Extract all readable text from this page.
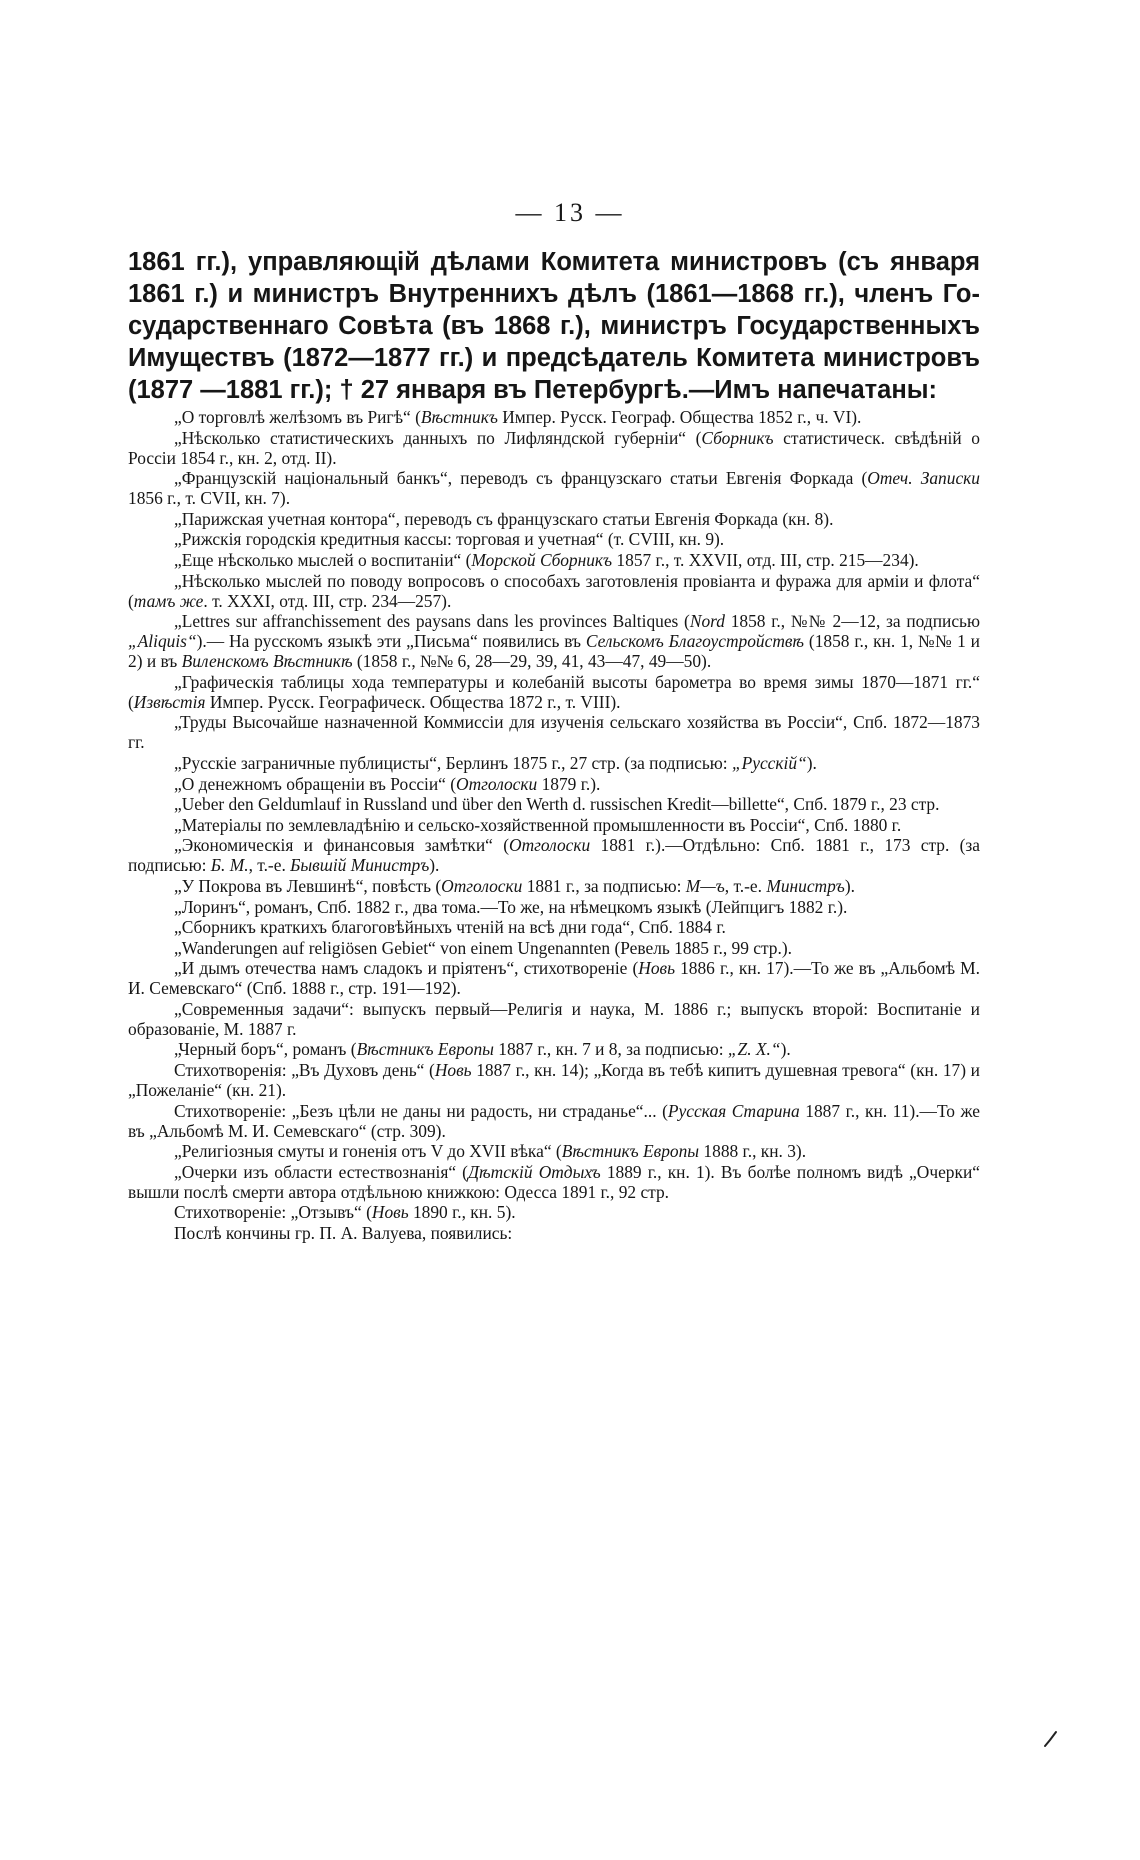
— 13 —
1861 гг.), управляющій дѣлами Комитета министровъ (съ января
1861 г.) и министръ Внутреннихъ дѣлъ (1861—1868 гг.), членъ Го-
сударственнаго Совѣта (въ 1868 г.), министръ Государственныхъ
Имуществъ (1872—1877 гг.) и предсѣдатель Комитета министровъ
(1877 —1881 гг.); † 27 января въ Петербургѣ.—Имъ напечатаны:

„О торговлѣ желѣзомъ въ Ригѣ“ (Вѣстникъ Импер. Русск. Географ. Общества 1852 г., ч. VI).

„Нѣсколько статистическихъ данныхъ по Лифляндской губерніи“ (Сборникъ статистическ. свѣдѣній о Россіи 1854 г., кн. 2, отд. II).

„Французскій національный банкъ“, переводъ съ французскаго статьи Евгенія Форкада (Отеч. Записки 1856 г., т. CVII, кн. 7).

„Парижская учетная контора“, переводъ съ французскаго статьи Евгенія Форкада (кн. 8).

„Рижскія городскія кредитныя кассы: торговая и учетная“ (т. CVIII, кн. 9).

„Еще нѣсколько мыслей о воспитаніи“ (Морской Сборникъ 1857 г., т. XXVII, отд. III, стр. 215—234).

„Нѣсколько мыслей по поводу вопросовъ о способахъ заготовленія провіанта и фуража для арміи и флота“ (тамъ же. т. XXXI, отд. III, стр. 234—257).

„Lettres sur affranchissement des paysans dans les provinces Baltiques (Nord 1858 г., №№ 2—12, за подписью „Aliquis“).— На русскомъ языкѣ эти „Письма“ появились въ Сельскомъ Благоустройствѣ (1858 г., кн. 1, №№ 1 и 2) и въ Виленскомъ Вѣстникѣ (1858 г., №№ 6, 28—29, 39, 41, 43—47, 49—50).

„Графическія таблицы хода температуры и колебаній высоты барометра во время зимы 1870—1871 гг.“ (Извѣстія Импер. Русск. Географическ. Общества 1872 г., т. VIII).

„Труды Высочайше назначенной Коммиссіи для изученія сельскаго хозяйства въ Россіи“, Спб. 1872—1873 гг.

„Русскіе заграничные публицисты“, Берлинъ 1875 г., 27 стр. (за подписью: „Русскій“).

„О денежномъ обращеніи въ Россіи“ (Отголоски 1879 г.).

„Ueber den Geldumlauf in Russland und über den Werth d. russischen Kredit—billette“, Спб. 1879 г., 23 стр.

„Матеріалы по землевладѣнію и сельско-хозяйственной промышленности въ Россіи“, Спб. 1880 г.

„Экономическія и финансовыя замѣтки“ (Отголоски 1881 г.).—Отдѣльно: Спб. 1881 г., 173 стр. (за подписью: Б. М., т.-е. Бывшій Министръ).

„У Покрова въ Левшинѣ“, повѣсть (Отголоски 1881 г., за подписью: М—ъ, т.-е. Министръ).

„Лоринъ“, романъ, Спб. 1882 г., два тома.—То же, на нѣмецкомъ языкѣ (Лейпцигъ 1882 г.).

„Сборникъ краткихъ благоговѣйныхъ чтеній на всѣ дни года“, Спб. 1884 г.

„Wanderungen auf religiösen Gebiet“ von einem Ungenannten (Ревель 1885 г., 99 стр.).

„И дымъ отечества намъ сладокъ и пріятенъ“, стихотвореніе (Новь 1886 г., кн. 17).—То же въ „Альбомѣ М. И. Семевскаго“ (Спб. 1888 г., стр. 191—192).

„Современныя задачи“: выпускъ первый—Религія и наука, М. 1886 г.; выпускъ второй: Воспитаніе и образованіе, М. 1887 г.

„Черный боръ“, романъ (Вѣстникъ Европы 1887 г., кн. 7 и 8, за подписью: „Z. X.“).

Стихотворенія: „Въ Духовъ день“ (Новь 1887 г., кн. 14); „Когда въ тебѣ кипитъ душевная тревога“ (кн. 17) и „Пожеланіе“ (кн. 21).

Стихотвореніе: „Безъ цѣли не даны ни радость, ни страданье“... (Русская Старина 1887 г., кн. 11).—То же въ „Альбомѣ М. И. Семевскаго“ (стр. 309).

„Религіозныя смуты и гоненія отъ V до XVII вѣка“ (Вѣстникъ Европы 1888 г., кн. 3).

„Очерки изъ области естествознанія“ (Дѣтскій Отдыхъ 1889 г., кн. 1). Въ болѣе полномъ видѣ „Очерки“ вышли послѣ смерти автора отдѣльною книжкою: Одесса 1891 г., 92 стр.

Стихотвореніе: „Отзывъ“ (Новь 1890 г., кн. 5).

Послѣ кончины гр. П. А. Валуева, появились:
